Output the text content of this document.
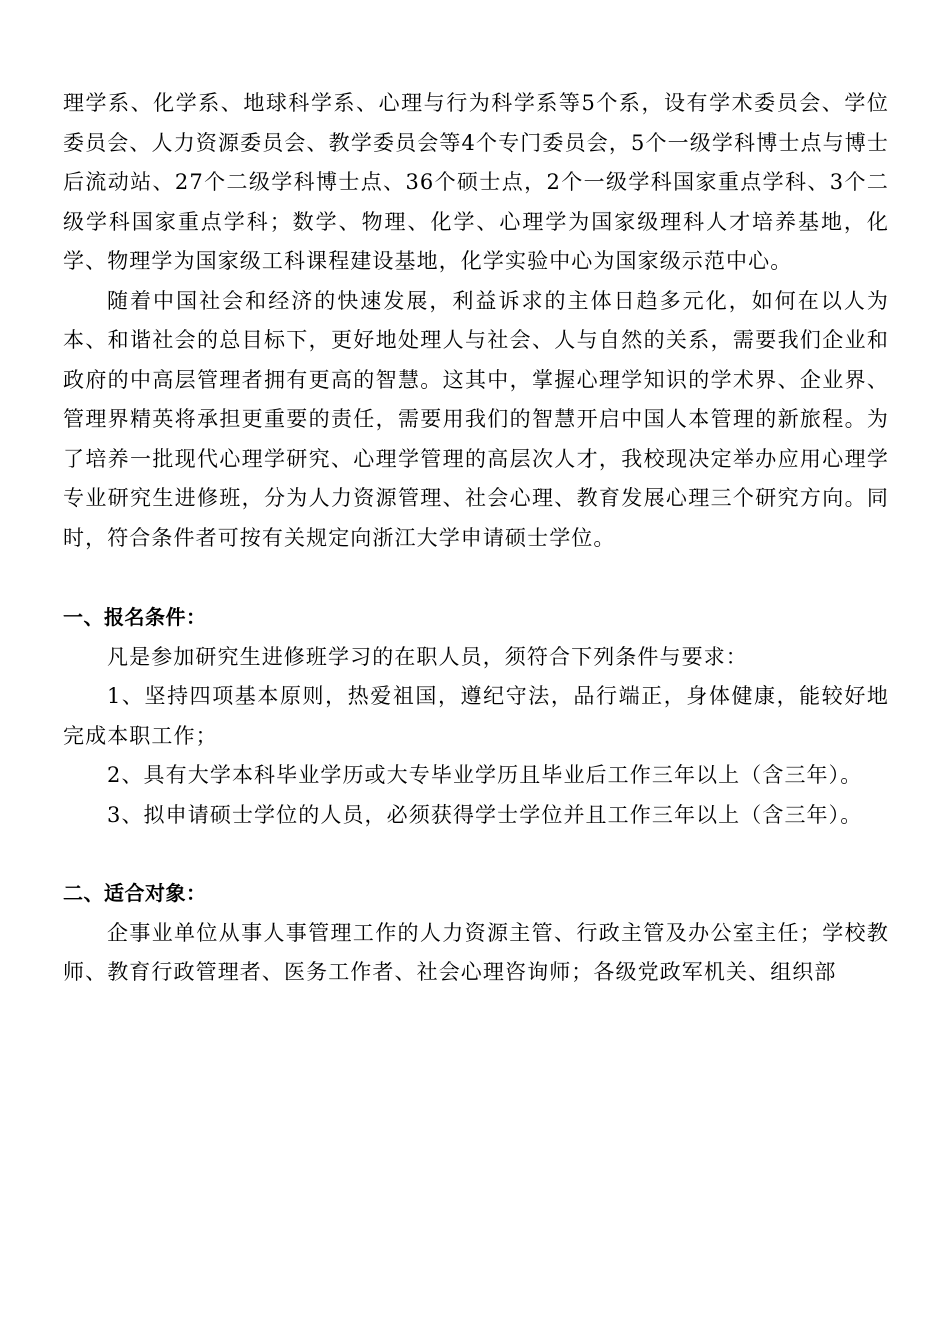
理学系、化学系、地球科学系、心理与行为科学系等5个系，设有学术委员会、学位委员会、人力资源委员会、教学委员会等4个专门委员会，5个一级学科博士点与博士后流动站、27个二级学科博士点、36个硕士点，2个一级学科国家重点学科、3个二级学科国家重点学科；数学、物理、化学、心理学为国家级理科人才培养基地，化学、物理学为国家级工科课程建设基地，化学实验中心为国家级示范中心。

随着中国社会和经济的快速发展，利益诉求的主体日趋多元化，如何在以人为本、和谐社会的总目标下，更好地处理人与社会、人与自然的关系，需要我们企业和政府的中高层管理者拥有更高的智慧。这其中，掌握心理学知识的学术界、企业界、管理界精英将承担更重要的责任，需要用我们的智慧开启中国人本管理的新旅程。为了培养一批现代心理学研究、心理学管理的高层次人才，我校现决定举办应用心理学专业研究生进修班，分为人力资源管理、社会心理、教育发展心理三个研究方向。同时，符合条件者可按有关规定向浙江大学申请硕士学位。

一、报名条件：

凡是参加研究生进修班学习的在职人员，须符合下列条件与要求：

1、坚持四项基本原则，热爱祖国，遵纪守法，品行端正，身体健康，能较好地完成本职工作；

2、具有大学本科毕业学历或大专毕业学历且毕业后工作三年以上（含三年）。

3、拟申请硕士学位的人员，必须获得学士学位并且工作三年以上（含三年）。

二、适合对象：

企事业单位从事人事管理工作的人力资源主管、行政主管及办公室主任；学校教师、教育行政管理者、医务工作者、社会心理咨询师；各级党政军机关、组织部
